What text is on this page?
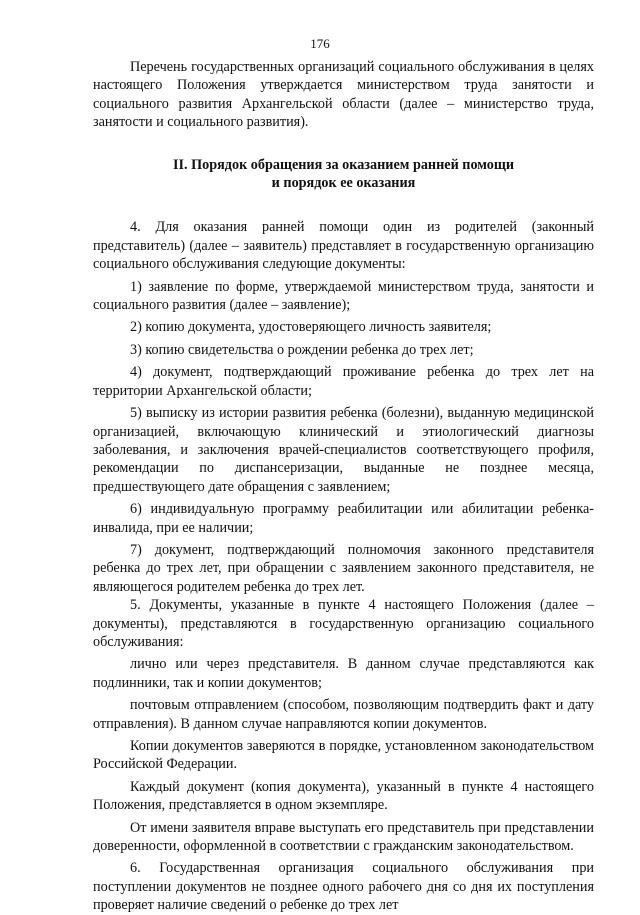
176

Перечень государственных организаций социального обслуживания в целях настоящего Положения утверждается министерством труда занятости и социального развития Архангельской области (далее – министерство труда, занятости и социального развития).

II. Порядок обращения за оказанием ранней помощи
и порядок ее оказания

4. Для оказания ранней помощи один из родителей (законный представитель) (далее – заявитель) представляет в государственную организацию социального обслуживания следующие документы:

1) заявление по форме, утверждаемой министерством труда, занятости и социального развития (далее – заявление);

2) копию документа, удостоверяющего личность заявителя;

3) копию свидетельства о рождении ребенка до трех лет;

4) документ, подтверждающий проживание ребенка до трех лет на территории Архангельской области;

5) выписку из истории развития ребенка (болезни), выданную медицинской организацией, включающую клинический и этиологический диагнозы заболевания, и заключения врачей-специалистов соответствующего профиля, рекомендации по диспансеризации, выданные не позднее месяца, предшествующего дате обращения с заявлением;

6) индивидуальную программу реабилитации или абилитации ребенка-инвалида, при ее наличии;

7) документ, подтверждающий полномочия законного представителя ребенка до трех лет, при обращении с заявлением законного представителя, не являющегося родителем ребенка до трех лет.

5. Документы, указанные в пункте 4 настоящего Положения (далее – документы), представляются в государственную организацию социального обслуживания:

лично или через представителя. В данном случае представляются как подлинники, так и копии документов;

почтовым отправлением (способом, позволяющим подтвердить факт и дату отправления). В данном случае направляются копии документов.

Копии документов заверяются в порядке, установленном законодательством Российской Федерации.

Каждый документ (копия документа), указанный в пункте 4 настоящего Положения, представляется в одном экземпляре.

От имени заявителя вправе выступать его представитель при представлении доверенности, оформленной в соответствии с гражданским законодательством.

6. Государственная организация социального обслуживания при поступлении документов не позднее одного рабочего дня со дня их поступления проверяет наличие сведений о ребенке до трех лет
